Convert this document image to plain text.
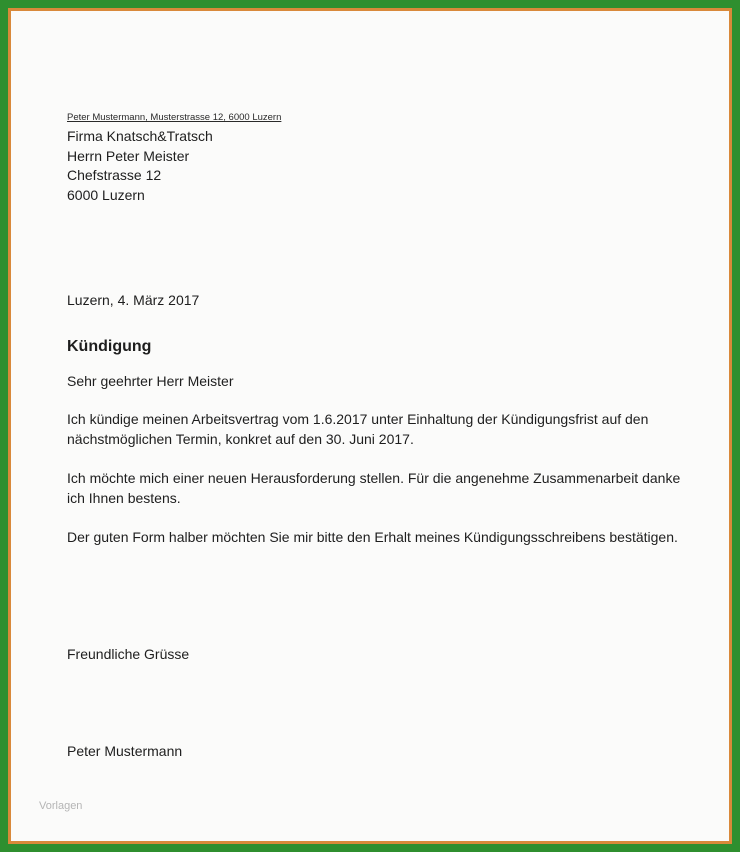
Peter Mustermann, Musterstrasse 12, 6000 Luzern
Firma Knatsch&Tratsch
Herrn Peter Meister
Chefstrasse 12
6000 Luzern
Luzern, 4. März 2017
Kündigung
Sehr geehrter Herr Meister
Ich kündige meinen Arbeitsvertrag vom 1.6.2017 unter Einhaltung der Kündigungsfrist auf den nächstmöglichen Termin, konkret auf den 30. Juni 2017.
Ich möchte mich einer neuen Herausforderung stellen. Für die angenehme Zusammenarbeit danke ich Ihnen bestens.
Der guten Form halber möchten Sie mir bitte den Erhalt meines Kündigungsschreibens bestätigen.
Freundliche Grüsse
Peter Mustermann
Vorlagen
